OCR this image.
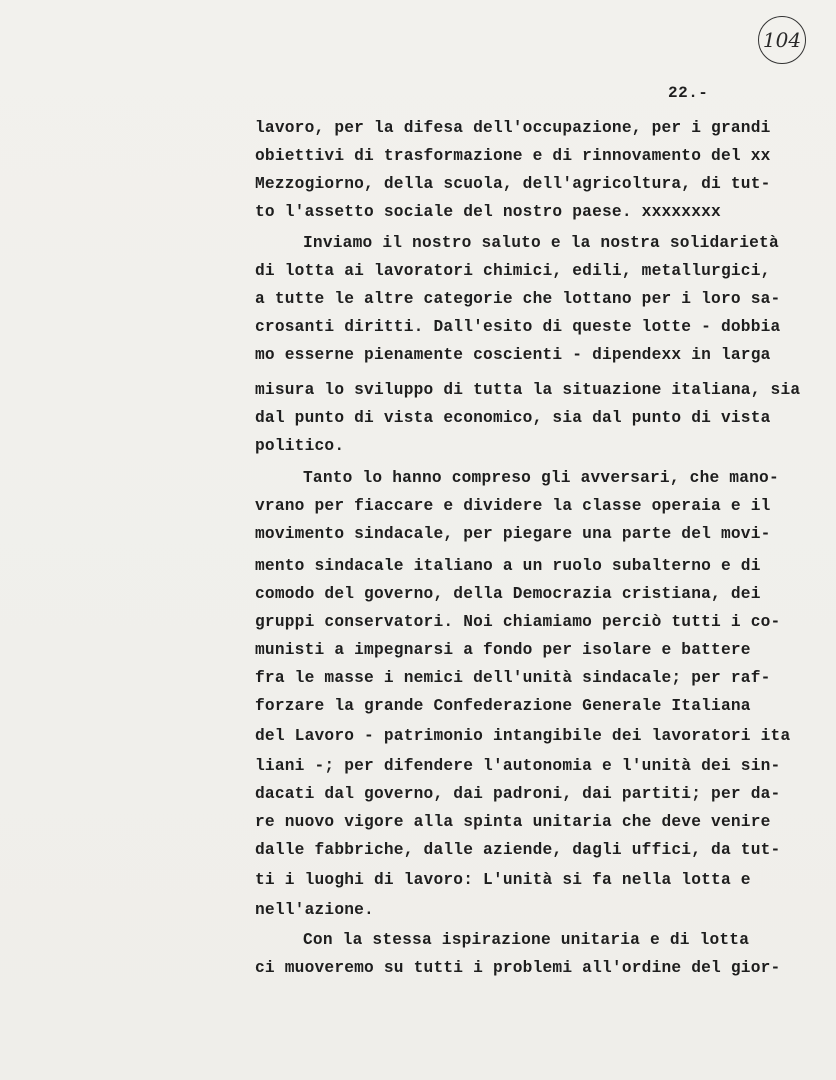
104
22.-
lavoro, per la difesa dell'occupazione, per i grandi
obiettivi di trasformazione e di rinnovamento del xx
Mezzogiorno, della scuola, dell'agricoltura, di tut-
to l'assetto sociale del nostro paese. xxxxxxxx
Inviamo il nostro saluto e la nostra solidarietà
di lotta ai lavoratori chimici, edili, metallurgici,
a tutte le altre categorie che lottano per i loro sa-
crosanti diritti. Dall'esito di queste lotte - dobbia
mo esserne pienamente coscienti - dipendexx in larga
misura lo sviluppo di tutta la situazione italiana, sia
dal punto di vista economico, sia dal punto di vista
politico.
Tanto lo hanno compreso gli avversari, che mano-
vrano per fiaccare e dividere la classe operaia e il
movimento sindacale, per piegare una parte del movi-
mento sindacale italiano a un ruolo subalterno e di
comodo del governo, della Democrazia cristiana, dei
gruppi conservatori. Noi chiamiamo perciò tutti i co-
munisti a impegnarsi a fondo per isolare e battere
fra le masse i nemici dell'unità sindacale; per raf-
forzare la grande Confederazione Generale Italiana
del Lavoro - patrimonio intangibile dei lavoratori ita
liani -; per difendere l'autonomia e l'unità dei sin-
dacati dal governo, dai padroni, dai partiti; per da-
re nuovo vigore alla spinta unitaria che deve venire
dalle fabbriche, dalle aziende, dagli uffici, da tut-
ti i luoghi di lavoro: L'unità si fa nella lotta e
nell'azione.
Con la stessa ispirazione unitaria e di lotta
ci muoveremo su tutti i problemi all'ordine del gior-
